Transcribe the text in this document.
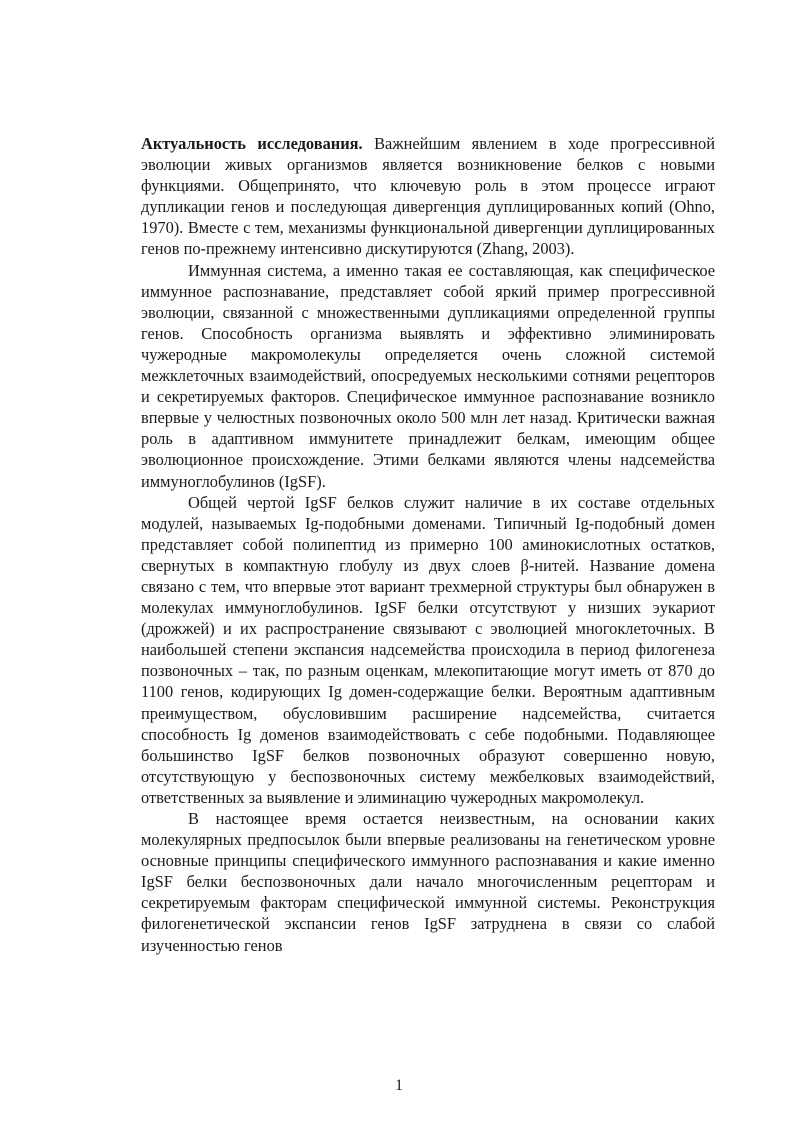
Актуальность исследования. Важнейшим явлением в ходе прогрессивной эволюции живых организмов является возникновение белков с новыми функциями. Общепринято, что ключевую роль в этом процессе играют дупликации генов и последующая дивергенция дуплицированных копий (Ohno, 1970). Вместе с тем, механизмы функциональной дивергенции дуплицированных генов по-прежнему интенсивно дискутируются (Zhang, 2003).

Иммунная система, а именно такая ее составляющая, как специфическое иммунное распознавание, представляет собой яркий пример прогрессивной эволюции, связанной с множественными дупликациями определенной группы генов. Способность организма выявлять и эффективно элиминировать чужеродные макромолекулы определяется очень сложной системой межклеточных взаимодействий, опосредуемых несколькими сотнями рецепторов и секретируемых факторов. Специфическое иммунное распознавание возникло впервые у челюстных позвоночных около 500 млн лет назад. Критически важная роль в адаптивном иммунитете принадлежит белкам, имеющим общее эволюционное происхождение. Этими белками являются члены надсемейства иммуноглобулинов (IgSF).

Общей чертой IgSF белков служит наличие в их составе отдельных модулей, называемых Ig-подобными доменами. Типичный Ig-подобный домен представляет собой полипептид из примерно 100 аминокислотных остатков, свернутых в компактную глобулу из двух слоев β-нитей. Название домена связано с тем, что впервые этот вариант трехмерной структуры был обнаружен в молекулах иммуноглобулинов. IgSF белки отсутствуют у низших эукариот (дрожжей) и их распространение связывают с эволюцией многоклеточных. В наибольшей степени экспансия надсемейства происходила в период филогенеза позвоночных – так, по разным оценкам, млекопитающие могут иметь от 870 до 1100 генов, кодирующих Ig домен-содержащие белки. Вероятным адаптивным преимуществом, обусловившим расширение надсемейства, считается способность Ig доменов взаимодействовать с себе подобными. Подавляющее большинство IgSF белков позвоночных образуют совершенно новую, отсутствующую у беспозвоночных систему межбелковых взаимодействий, ответственных за выявление и элиминацию чужеродных макромолекул.

В настоящее время остается неизвестным, на основании каких молекулярных предпосылок были впервые реализованы на генетическом уровне основные принципы специфического иммунного распознавания и какие именно IgSF белки беспозвоночных дали начало многочисленным рецепторам и секретируемым факторам специфической иммунной системы. Реконструкция филогенетической экспансии генов IgSF затруднена в связи со слабой изученностью генов

1
